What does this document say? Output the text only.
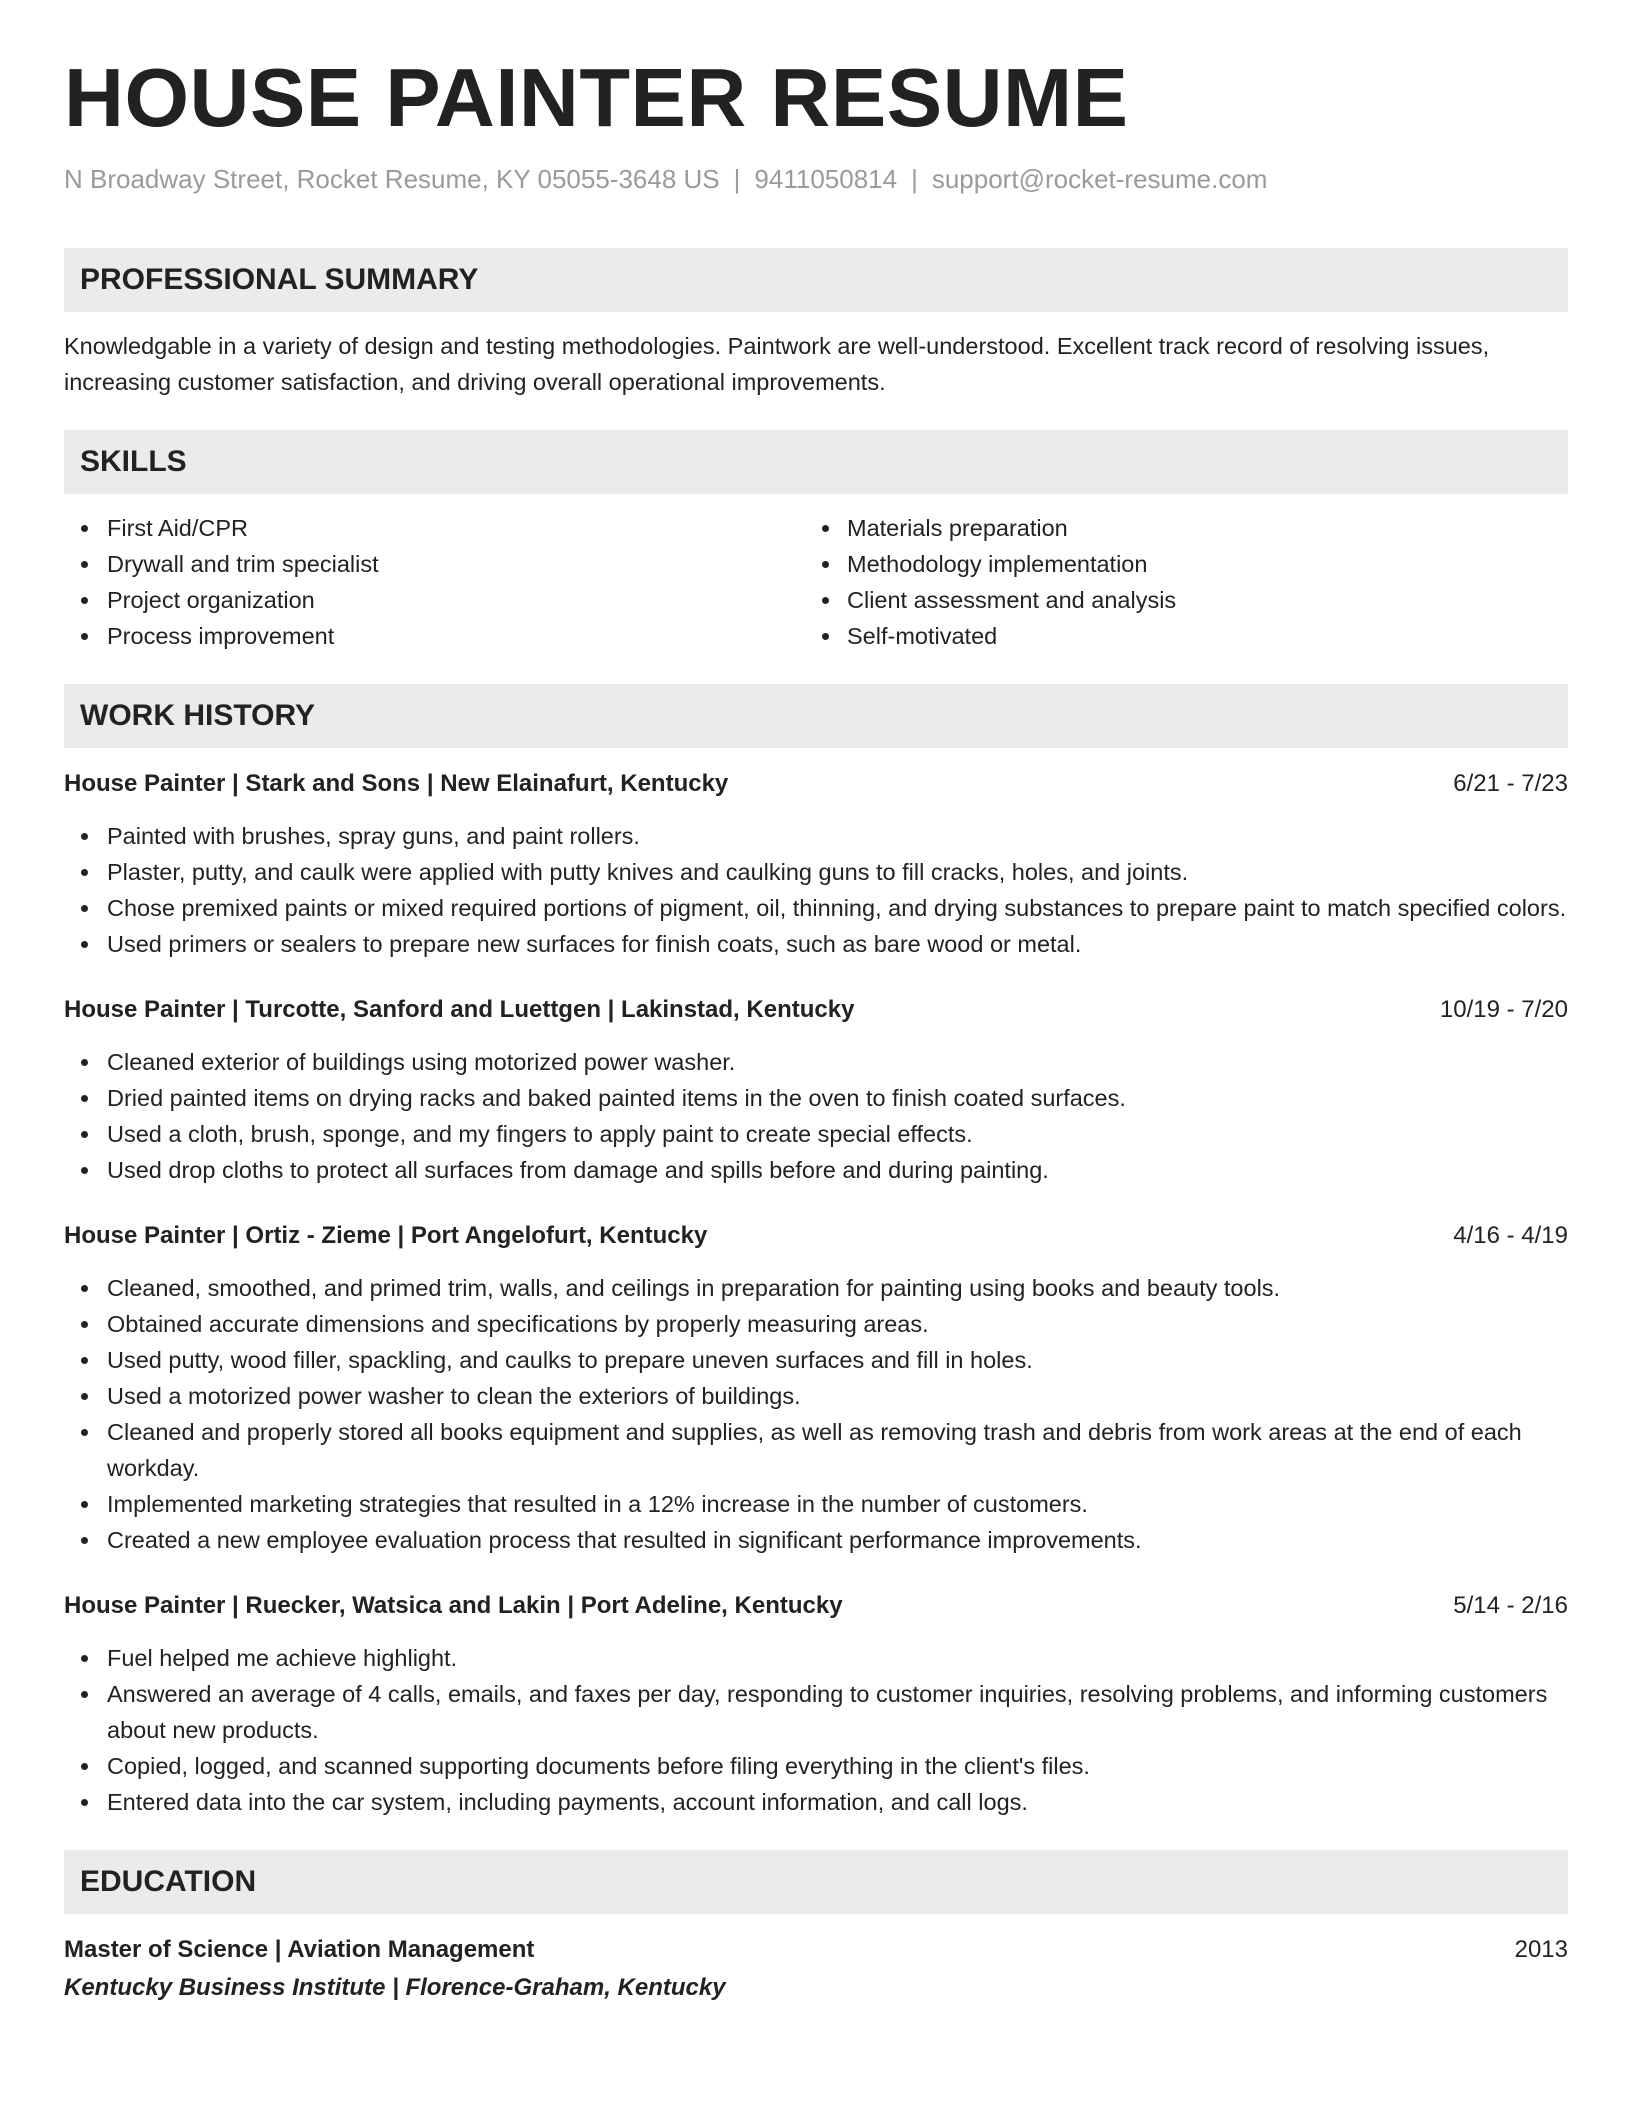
HOUSE PAINTER RESUME
N Broadway Street, Rocket Resume, KY 05055-3648 US | 9411050814 | support@rocket-resume.com
PROFESSIONAL SUMMARY

Knowledgable in a variety of design and testing methodologies. Paintwork are well-understood. Excellent track record of resolving issues, increasing customer satisfaction, and driving overall operational improvements.

SKILLS
First Aid/CPR
Drywall and trim specialist
Project organization
Process improvement
Materials preparation
Methodology implementation
Client assessment and analysis
Self-motivated
WORK HISTORY
House Painter | Stark and Sons | New Elainafurt, Kentucky	6/21 - 7/23
Painted with brushes, spray guns, and paint rollers.
Plaster, putty, and caulk were applied with putty knives and caulking guns to fill cracks, holes, and joints.
Chose premixed paints or mixed required portions of pigment, oil, thinning, and drying substances to prepare paint to match specified colors.
Used primers or sealers to prepare new surfaces for finish coats, such as bare wood or metal.
House Painter | Turcotte, Sanford and Luettgen | Lakinstad, Kentucky	10/19 - 7/20
Cleaned exterior of buildings using motorized power washer.
Dried painted items on drying racks and baked painted items in the oven to finish coated surfaces.
Used a cloth, brush, sponge, and my fingers to apply paint to create special effects.
Used drop cloths to protect all surfaces from damage and spills before and during painting.
House Painter | Ortiz - Zieme | Port Angelofurt, Kentucky	4/16 - 4/19
Cleaned, smoothed, and primed trim, walls, and ceilings in preparation for painting using books and beauty tools.
Obtained accurate dimensions and specifications by properly measuring areas.
Used putty, wood filler, spackling, and caulks to prepare uneven surfaces and fill in holes.
Used a motorized power washer to clean the exteriors of buildings.
Cleaned and properly stored all books equipment and supplies, as well as removing trash and debris from work areas at the end of each workday.
Implemented marketing strategies that resulted in a 12% increase in the number of customers.
Created a new employee evaluation process that resulted in significant performance improvements.
House Painter | Ruecker, Watsica and Lakin | Port Adeline, Kentucky	5/14 - 2/16
Fuel helped me achieve highlight.
Answered an average of 4 calls, emails, and faxes per day, responding to customer inquiries, resolving problems, and informing customers about new products.
Copied, logged, and scanned supporting documents before filing everything in the client's files.
Entered data into the car system, including payments, account information, and call logs.
EDUCATION
Master of Science | Aviation Management	2013
Kentucky Business Institute | Florence-Graham, Kentucky
